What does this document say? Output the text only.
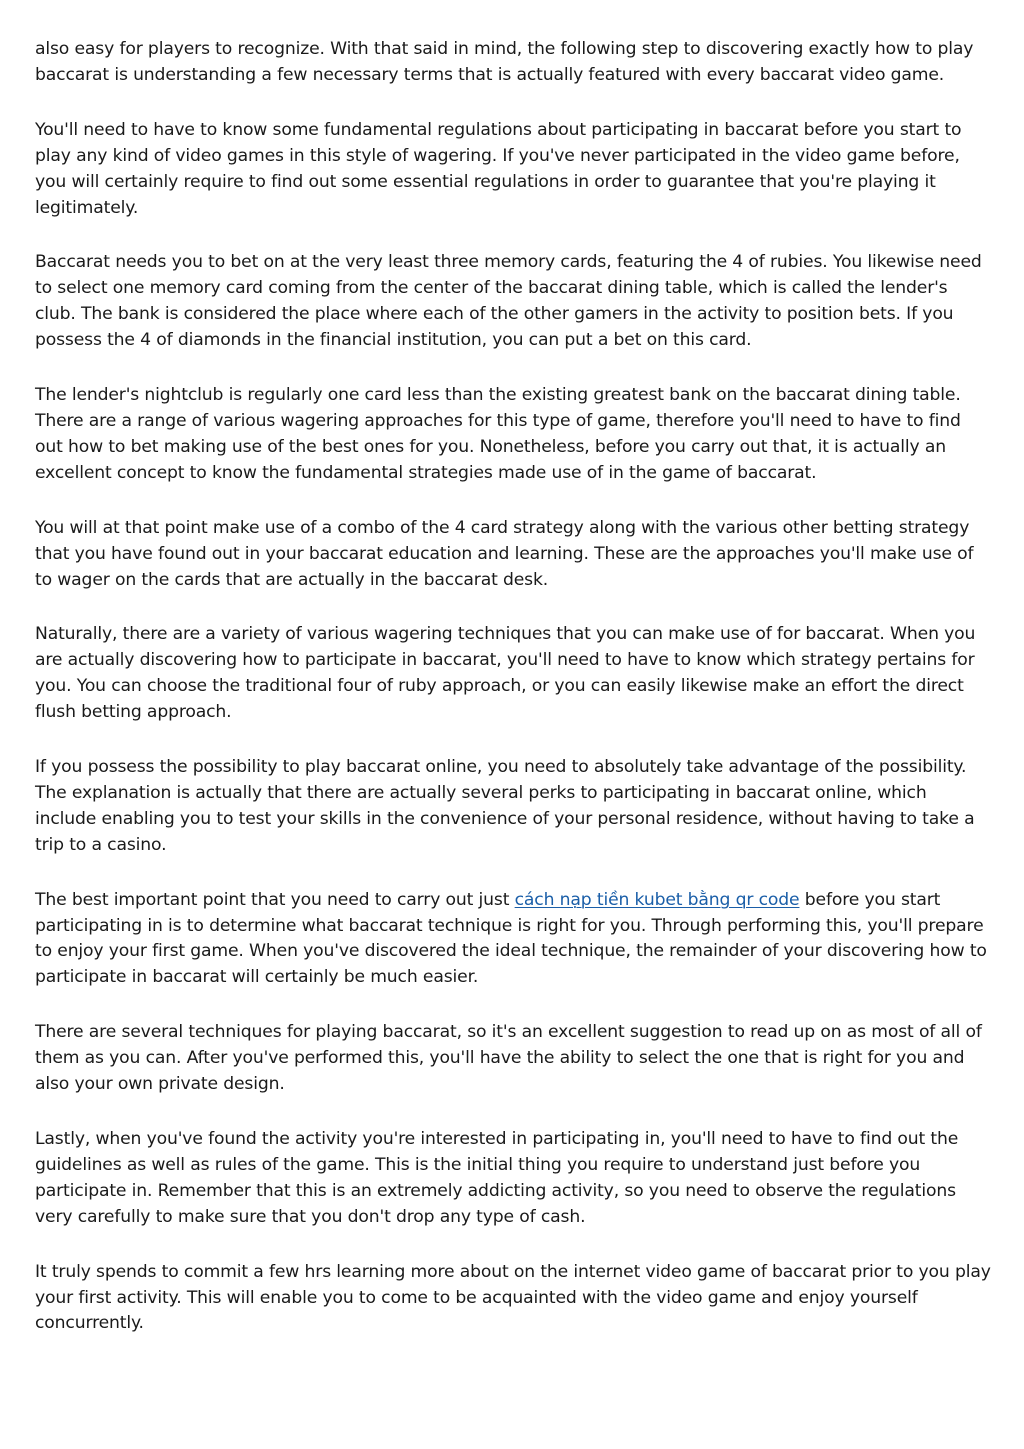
also easy for players to recognize. With that said in mind, the following step to discovering exactly how to play baccarat is understanding a few necessary terms that is actually featured with every baccarat video game.

You'll need to have to know some fundamental regulations about participating in baccarat before you start to play any kind of video games in this style of wagering. If you've never participated in the video game before, you will certainly require to find out some essential regulations in order to guarantee that you're playing it legitimately.

Baccarat needs you to bet on at the very least three memory cards, featuring the 4 of rubies. You likewise need to select one memory card coming from the center of the baccarat dining table, which is called the lender's club. The bank is considered the place where each of the other gamers in the activity to position bets. If you possess the 4 of diamonds in the financial institution, you can put a bet on this card.

The lender's nightclub is regularly one card less than the existing greatest bank on the baccarat dining table. There are a range of various wagering approaches for this type of game, therefore you'll need to have to find out how to bet making use of the best ones for you. Nonetheless, before you carry out that, it is actually an excellent concept to know the fundamental strategies made use of in the game of baccarat.

You will at that point make use of a combo of the 4 card strategy along with the various other betting strategy that you have found out in your baccarat education and learning. These are the approaches you'll make use of to wager on the cards that are actually in the baccarat desk.

Naturally, there are a variety of various wagering techniques that you can make use of for baccarat. When you are actually discovering how to participate in baccarat, you'll need to have to know which strategy pertains for you. You can choose the traditional four of ruby approach, or you can easily likewise make an effort the direct flush betting approach.

If you possess the possibility to play baccarat online, you need to absolutely take advantage of the possibility. The explanation is actually that there are actually several perks to participating in baccarat online, which include enabling you to test your skills in the convenience of your personal residence, without having to take a trip to a casino.

The best important point that you need to carry out just cách nạp tiền kubet bằng qr code before you start participating in is to determine what baccarat technique is right for you. Through performing this, you'll prepare to enjoy your first game. When you've discovered the ideal technique, the remainder of your discovering how to participate in baccarat will certainly be much easier.

There are several techniques for playing baccarat, so it's an excellent suggestion to read up on as most of all of them as you can. After you've performed this, you'll have the ability to select the one that is right for you and also your own private design.

Lastly, when you've found the activity you're interested in participating in, you'll need to have to find out the guidelines as well as rules of the game. This is the initial thing you require to understand just before you participate in. Remember that this is an extremely addicting activity, so you need to observe the regulations very carefully to make sure that you don't drop any type of cash.

It truly spends to commit a few hrs learning more about on the internet video game of baccarat prior to you play your first activity. This will enable you to come to be acquainted with the video game and enjoy yourself concurrently.
